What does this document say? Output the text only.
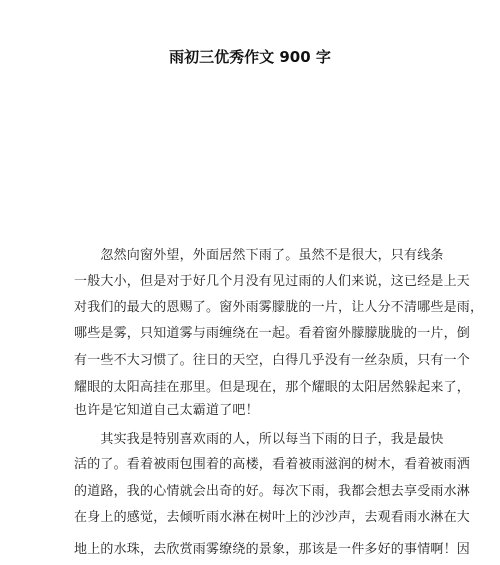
雨初三优秀作文 900 字
　　忽然向窗外望，外面居然下雨了。虽然不是很大，只有线条
一般大小，但是对于好几个月没有见过雨的人们来说，这已经是上天
对我们的最大的恩赐了。窗外雨雾朦胧的一片，让人分不清哪些是雨，
哪些是雾，只知道雾与雨缠绕在一起。看着窗外朦朦胧胧的一片，倒
有一些不大习惯了。往日的天空，白得几乎没有一丝杂质，只有一个
耀眼的太阳高挂在那里。但是现在，那个耀眼的太阳居然躲起来了，
也许是它知道自己太霸道了吧！
　　其实我是特别喜欢雨的人，所以每当下雨的日子，我是最快
活的了。看着被雨包围着的高楼，看着被雨滋润的树木，看着被雨洒
的道路，我的心情就会出奇的好。每次下雨，我都会想去享受雨水淋
在身上的感觉，去倾听雨水淋在树叶上的沙沙声，去观看雨水淋在大
地上的水珠，去欣赏雨雾缭绕的景象，那该是一件多好的事情啊！因
